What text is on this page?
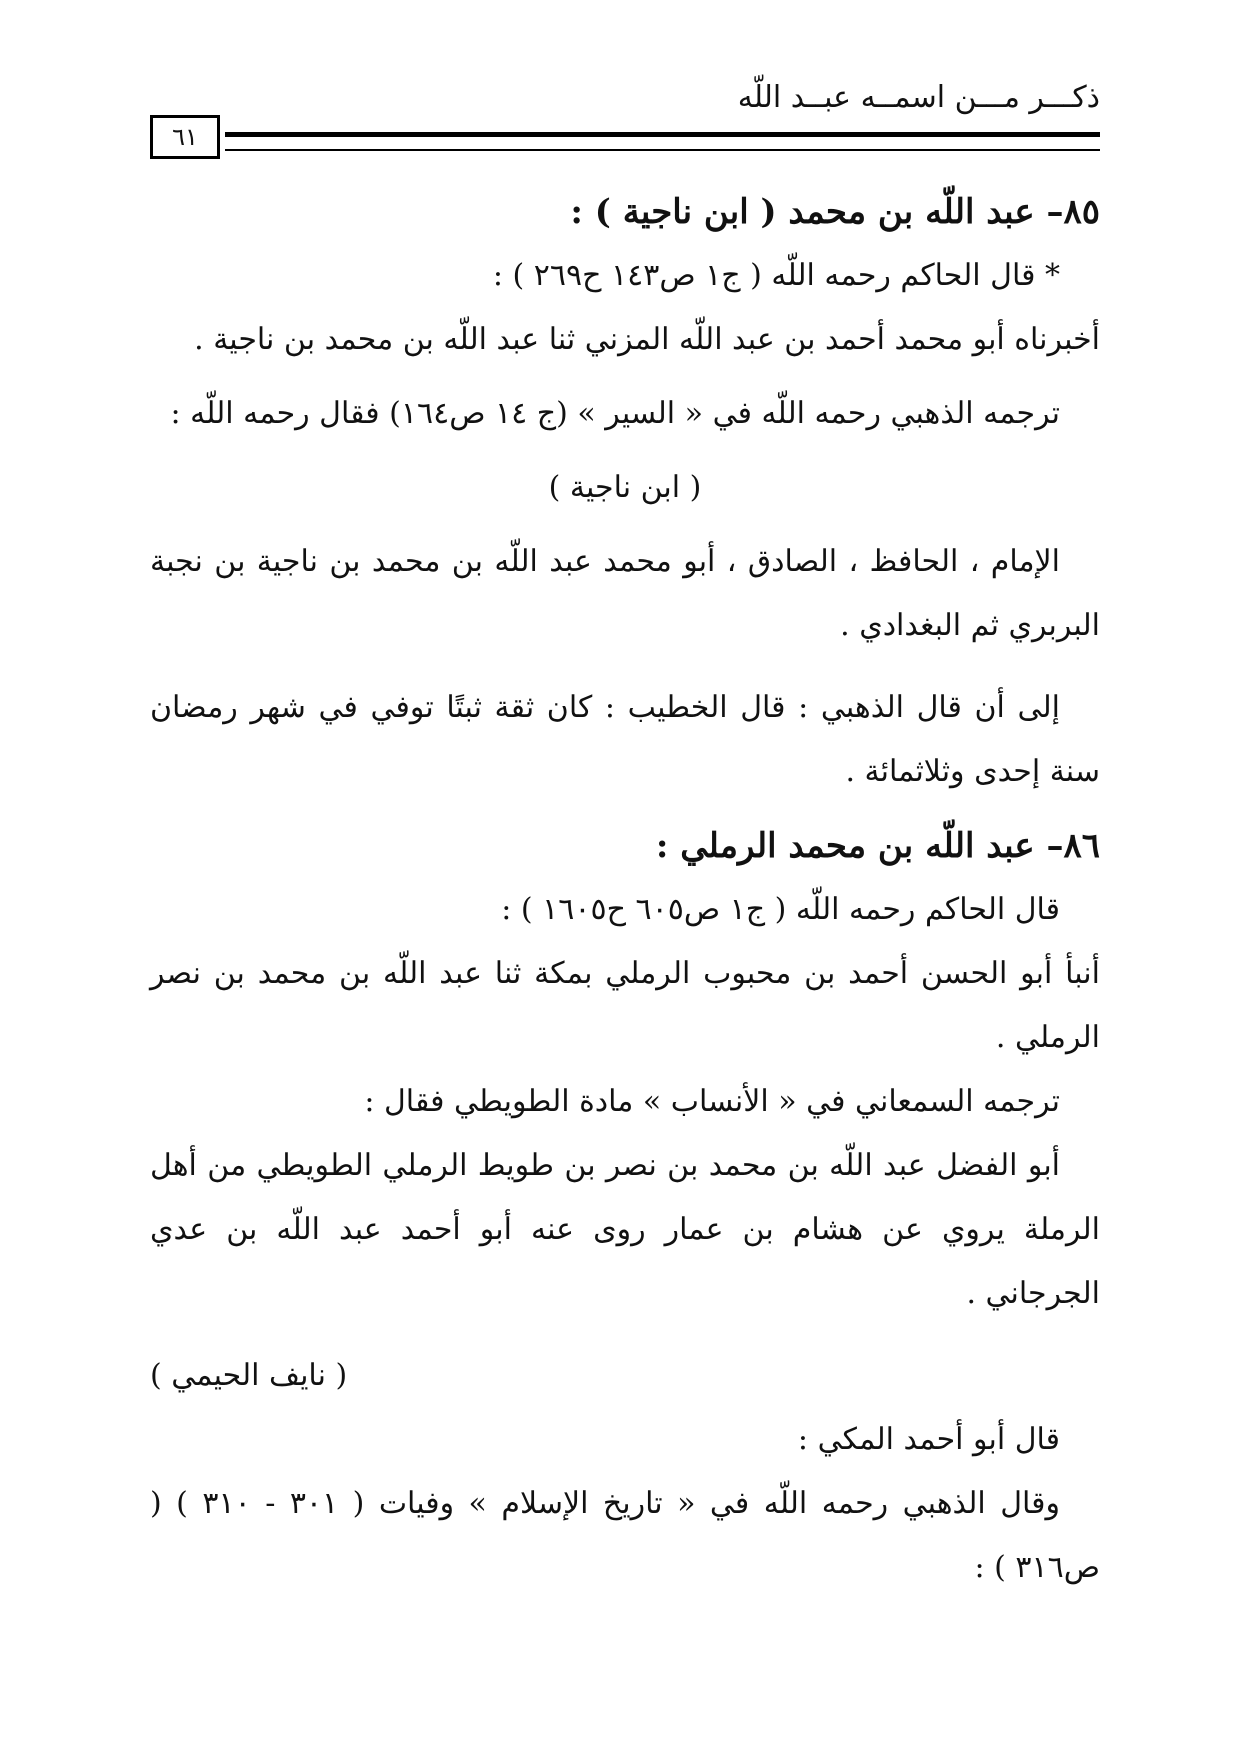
ذكـــر مـــن اسمــه عبــد اللّه
٦١
٨٥– عبد اللّه بن محمد ( ابن ناجية ) :

* قال الحاكم رحمه اللّه ( ج١ ص١٤٣ ح٢٦٩ ) :

أخبرناه أبو محمد أحمد بن عبد اللّه المزني ثنا عبد اللّه بن محمد بن ناجية .

ترجمه الذهبي رحمه اللّه في « السير » (ج ١٤ ص١٦٤) فقال رحمه اللّه :

( ابن ناجية )

الإمام ، الحافظ ، الصادق ، أبو محمد عبد اللّه بن محمد بن ناجية بن نجبة البربري ثم البغدادي .

إلى أن قال الذهبي : قال الخطيب : كان ثقة ثبتًا توفي في شهر رمضان سنة إحدى وثلاثمائة .

٨٦– عبد اللّه بن محمد الرملي :

قال الحاكم رحمه اللّه ( ج١ ص٦٠٥ ح١٦٠٥ ) :

أنبأ أبو الحسن أحمد بن محبوب الرملي بمكة ثنا عبد اللّه بن محمد بن نصر الرملي .

ترجمه السمعاني في « الأنساب » مادة الطويطي فقال :

أبو الفضل عبد اللّه بن محمد بن نصر بن طويط الرملي الطويطي من أهل الرملة يروي عن هشام بن عمار روى عنه أبو أحمد عبد اللّه بن عدي الجرجاني .

( نايف الحيمي )

قال أبو أحمد المكي :

وقال الذهبي رحمه اللّه في « تاريخ الإسلام » وفيات ( ٣٠١ - ٣١٠ ) ( ص٣١٦ ) :
